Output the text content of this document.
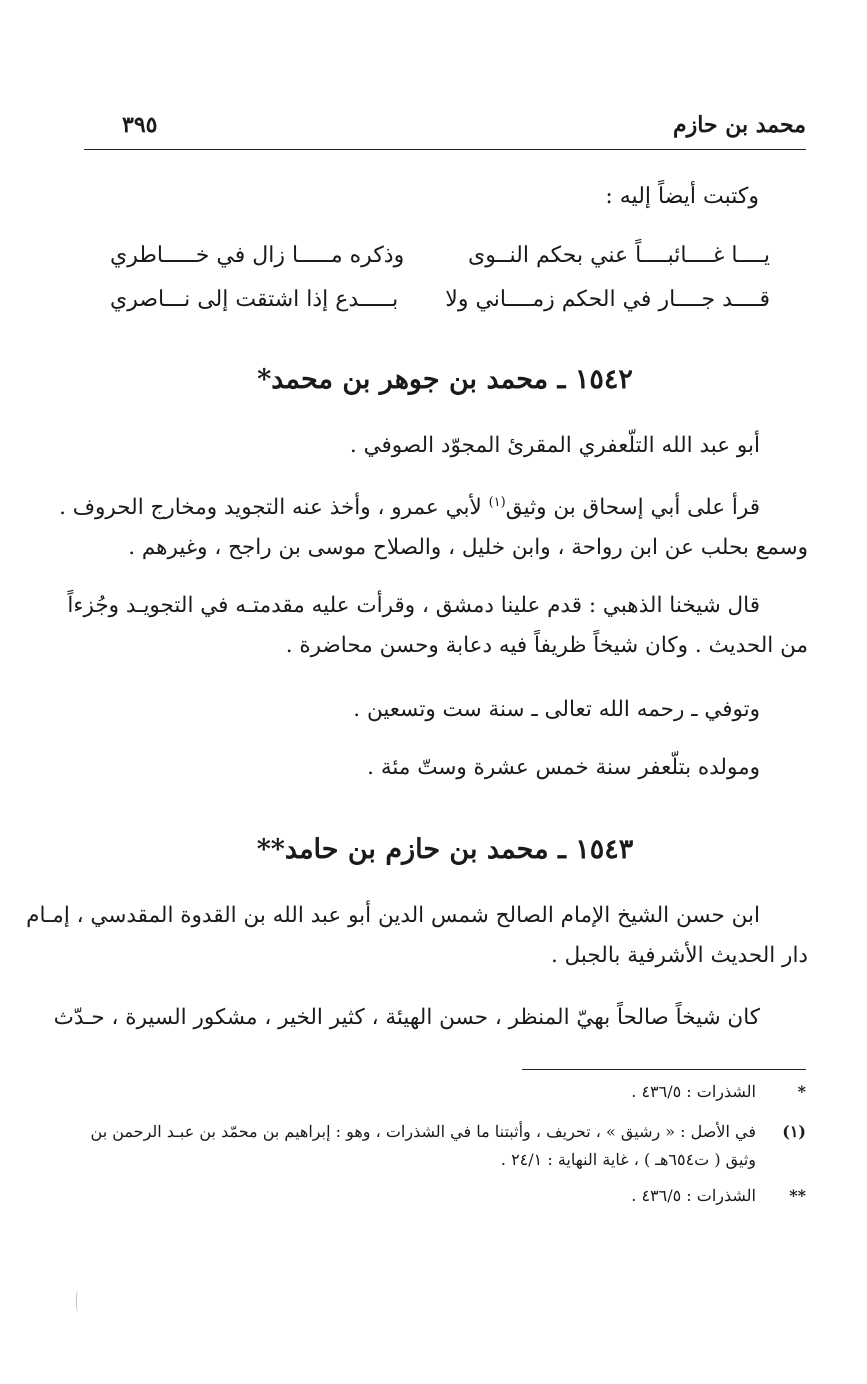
محمد بن حازم
٣٩٥
وكتبت أيضاً إليه :
يــــا غــــائبــــاً عني بحكم النــوى
وذكره مـــــا زال في خـــــاطري
قــــد جــــار في الحكم زمــــاني ولا
بـــــدع إذا اشتقت إلى نـــاصري
١٥٤٢ ـ محمد بن جوهر بن محمد*
أبو عبد الله التلّعفري المقرئ المجوّد الصوفي .
قرأ على أبي إسحاق بن وثيق$^{(١)}$ لأبي عمرو ، وأخذ عنه التجويد ومخارج الحروف .
وسمع بحلب عن ابن رواحة ، وابن خليل ، والصلاح موسى بن راجح ، وغيرهم .
قال شيخنا الذهبي : قدم علينا دمشق ، وقرأت عليه مقدمتـه في التجويـد وجُزءاً
من الحديث . وكان شيخاً ظريفاً فيه دعابة وحسن محاضرة .
وتوفي ـ رحمه الله تعالى ـ سنة ست وتسعين .
ومولده بتلّعفر سنة خمس عشرة وستّ مئة .
١٥٤٣ ـ محمد بن حازم بن حامد**
ابن حسن الشيخ الإمام الصالح شمس الدين أبو عبد الله بن القدوة المقدسي ، إمـام
دار الحديث الأشرفية بالجبل .
كان شيخاً صالحاً بهيّ المنظر ، حسن الهيئة ، كثير الخير ، مشكور السيرة ، حـدّث
*
الشذرات : ٤٣٦/٥ .
(١)
في الأصل : « رشيق » ، تحريف ، وأثبتنا ما في الشذرات ، وهو : إبراهيم بن محمّد بن عبـد الرحمن بن
وثيق ( ت٦٥٤هـ ) ، غاية النهاية : ٢٤/١ .
**
الشذرات : ٤٣٦/٥ .
